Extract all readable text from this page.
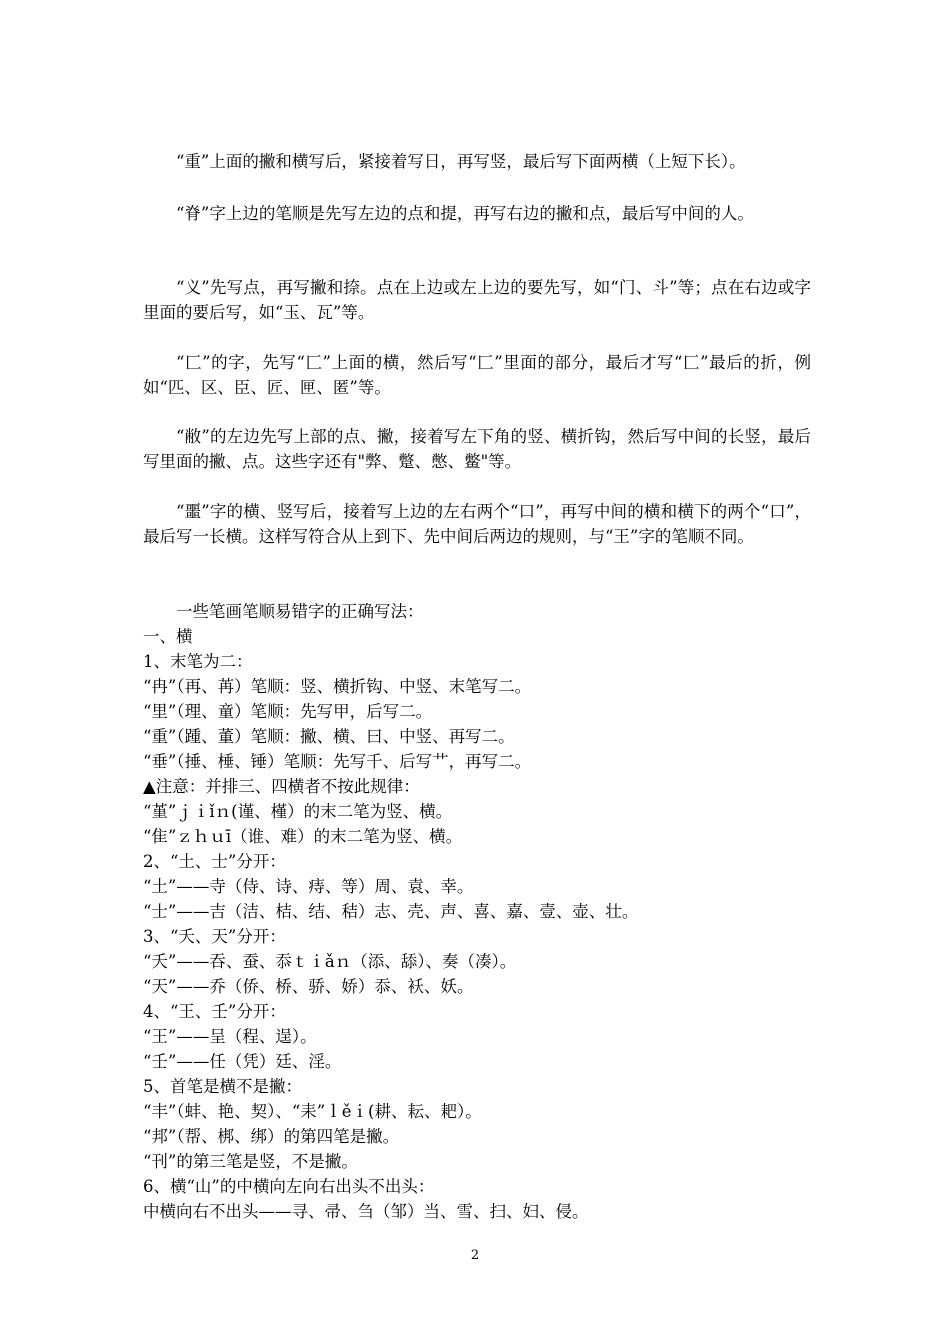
“重”上面的撇和横写后，紧接着写日，再写竖，最后写下面两横（上短下长）。

“脊”字上边的笔顺是先写左边的点和提，再写右边的撇和点，最后写中间的人。

“义”先写点，再写撇和捺。点在上边或左上边的要先写，如“门、斗”等；点在右边或字里面的要后写，如“玉、瓦”等。

“匚”的字，先写“匚”上面的横，然后写“匚”里面的部分，最后才写“匚”最后的折，例如“匹、区、臣、匠、匣、匿”等。

“敝”的左边先写上部的点、撇，接着写左下角的竖、横折钩，然后写中间的长竖，最后写里面的撇、点。这些字还有"弊、蹩、憋、鳖"等。

“噩”字的横、竖写后，接着写上边的左右两个“口”，再写中间的横和横下的两个“口”，最后写一长横。这样写符合从上到下、先中间后两边的规则，与“王”字的笔顺不同。

一些笔画笔顺易错字的正确写法：

一、横

1、末笔为二：

“冉”（再、苒）笔顺：竖、横折钩、中竖、末笔写二。

“里”（理、童）笔顺：先写甲，后写二。

“重”（踵、董）笔顺：撇、横、曰、中竖、再写二。

“垂”（捶、棰、锤）笔顺：先写千、后写艹，再写二。

▲注意：并排三、四横者不按此规律：

“堇”ｊｉǐｎ(谨、槿）的末二笔为竖、横。

“隹”ｚｈｕī（谁、难）的末二笔为竖、横。

2、“土、士”分开：

“土”——寺（侍、诗、痔、等）周、袁、幸。

“士”——吉（洁、桔、结、秸）志、壳、声、喜、嘉、壹、壶、壮。

3、“夭、天”分开：

“夭”——吞、蚕、忝ｔｉǎｎ（添、舔）、奏（凑）。

“天”——乔（侨、桥、骄、娇）忝、袄、妖。

4、“王、壬”分开：

“王”——呈（程、逞）。

“壬”——任（凭）廷、淫。

5、首笔是横不是撇：

“丰”（蚌、艳、契）、“耒”ｌěｉ(耕、耘、耙）。

“邦”（帮、梆、绑）的第四笔是撇。

“刊”的第三笔是竖，不是撇。

6、横“山”的中横向左向右出头不出头：

中横向右不出头——寻、帚、刍（邹）当、雪、扫、妇、侵。

2
